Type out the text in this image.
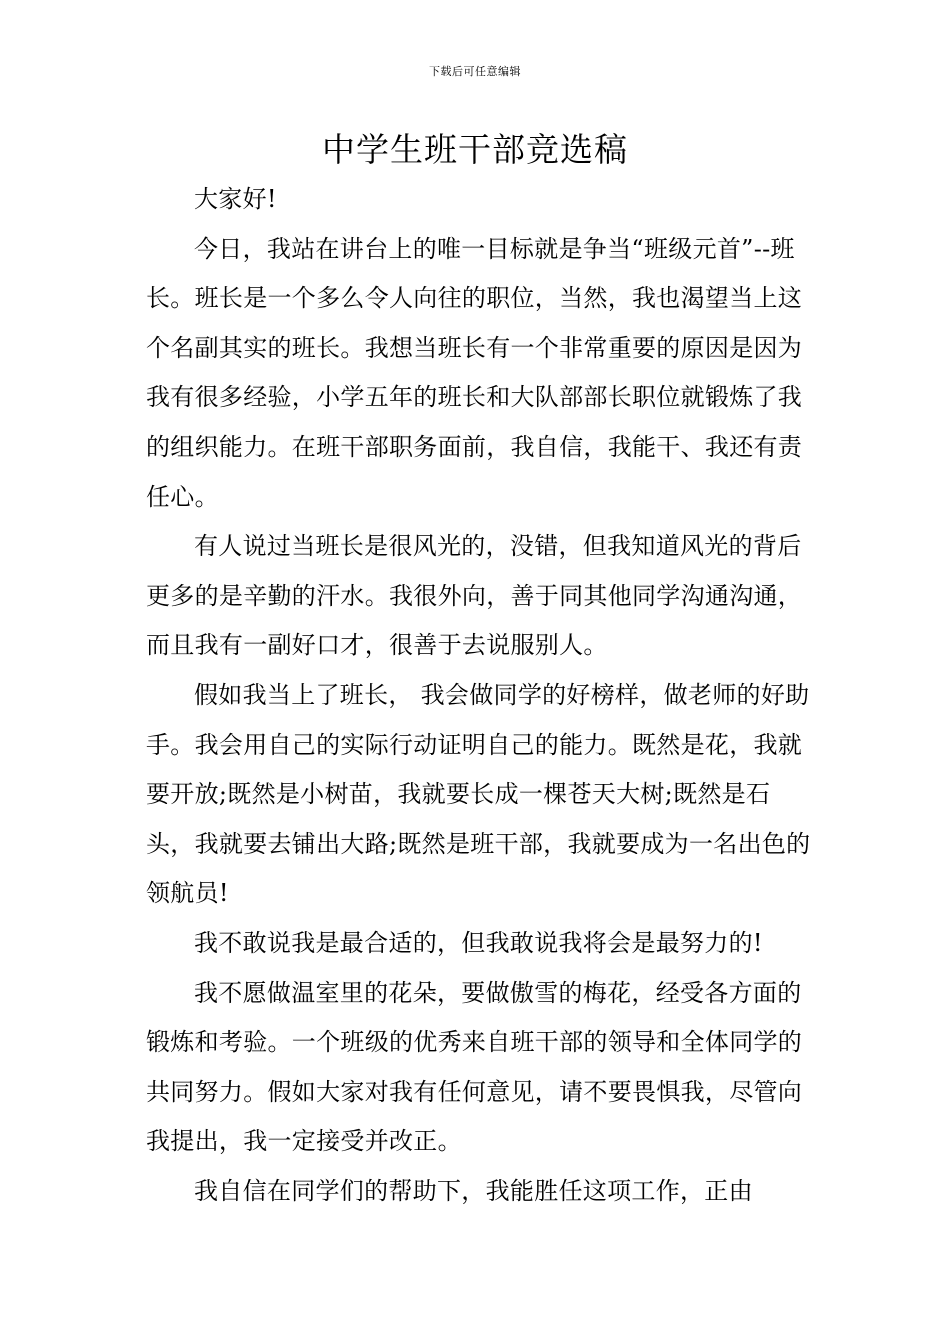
下载后可任意编辑
中学生班干部竞选稿

大家好!

今日，我站在讲台上的唯一目标就是争当“班级元首”--班长。班长是一个多么令人向往的职位，当然，我也渴望当上这个名副其实的班长。我想当班长有一个非常重要的原因是因为我有很多经验，小学五年的班长和大队部部长职位就锻炼了我的组织能力。在班干部职务面前，我自信，我能干、我还有责任心。

有人说过当班长是很风光的，没错，但我知道风光的背后更多的是辛勤的汗水。我很外向，善于同其他同学沟通沟通，而且我有一副好口才，很善于去说服别人。

假如我当上了班长， 我会做同学的好榜样，做老师的好助手。我会用自己的实际行动证明自己的能力。既然是花，我就要开放;既然是小树苗，我就要长成一棵苍天大树;既然是石头，我就要去铺出大路;既然是班干部，我就要成为一名出色的领航员!

我不敢说我是最合适的，但我敢说我将会是最努力的!

我不愿做温室里的花朵，要做傲雪的梅花，经受各方面的锻炼和考验。一个班级的优秀来自班干部的领导和全体同学的共同努力。假如大家对我有任何意见，请不要畏惧我，尽管向我提出，我一定接受并改正。

我自信在同学们的帮助下，我能胜任这项工作，正由
